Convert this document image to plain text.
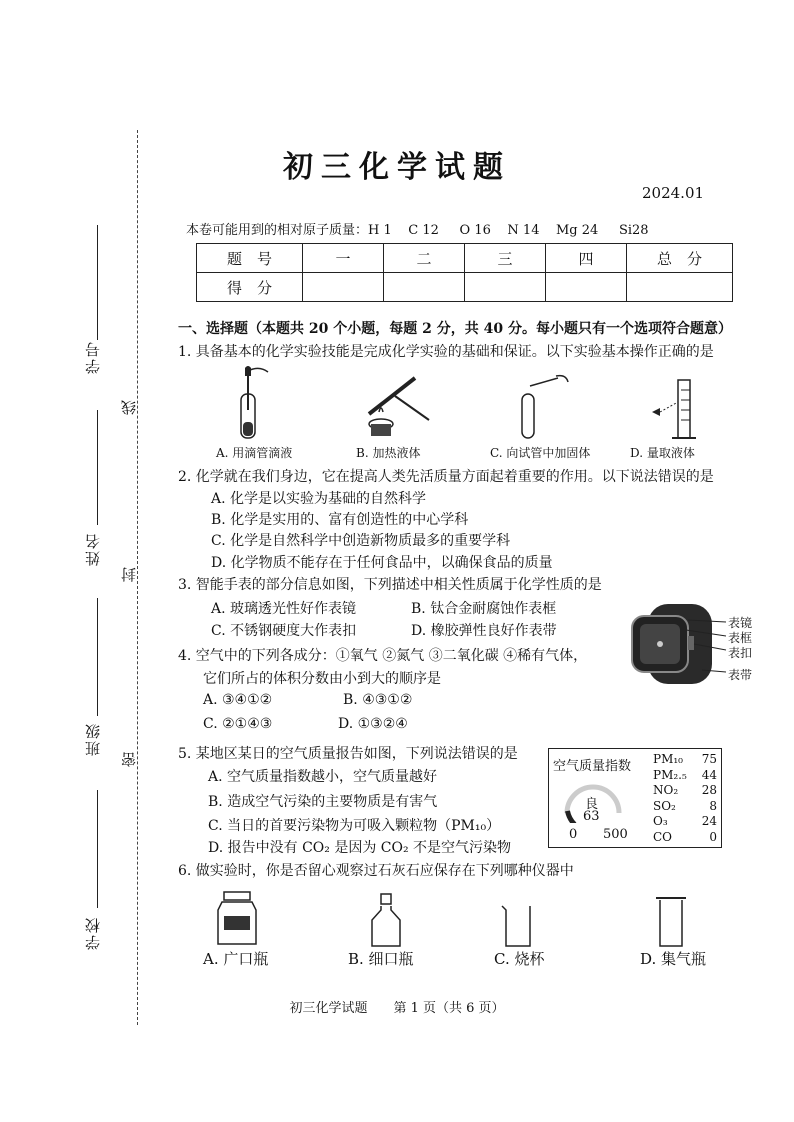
学号
线
姓名
封
班级
密
学校
初三化学试题
2024.01
本卷可能用到的相对原子质量：H 1    C 12     O 16    N 14    Mg 24     Si28
题　号	一	二	三	四	总　分
得　分					
一、选择题（本题共 20 个小题，每题 2 分，共 40 分。每小题只有一个选项符合题意）
1. 具备基本的化学实验技能是完成化学实验的基础和保证。以下实验基本操作正确的是
A. 用滴管滴液	B. 加热液体	C. 向试管中加固体	D. 量取液体
2. 化学就在我们身边，它在提高人类先活质量方面起着重要的作用。以下说法错误的是
A. 化学是以实验为基础的自然科学
B. 化学是实用的、富有创造性的中心学科
C. 化学是自然科学中创造新物质最多的重要学科
D. 化学物质不能存在于任何食品中，以确保食品的质量
3. 智能手表的部分信息如图，下列描述中相关性质属于化学性质的是
A. 玻璃透光性好作表镜	B. 钛合金耐腐蚀作表框
C. 不锈钢硬度大作表扣	D. 橡胶弹性良好作表带	表镜
表框
表扣
表带
4. 空气中的下列各成分：①氧气 ②氮气 ③二氧化碳 ④稀有气体，
它们所占的体积分数由小到大的顺序是
A. ③④①②	B. ④③①②
C. ②①④③	D. ①③②④
5. 某地区某日的空气质量报告如图，下列说法错误的是
A. 空气质量指数越小，空气质量越好
B. 造成空气污染的主要物质是有害气
C. 当日的首要污染物为可吸入颗粒物（PM₁₀）
D. 报告中没有 CO₂ 是因为 CO₂ 不是空气污染物
空气质量指数
良
63
0 500
PM₁₀ 75
PM₂.₅ 44
NO₂ 28
SO₂	8
O₃	24
CO	0
6. 做实验时，你是否留心观察过石灰石应保存在下列哪种仪器中
A. 广口瓶	B. 细口瓶	C. 烧杯	D. 集气瓶
初三化学试题　　第 1 页（共 6 页）
